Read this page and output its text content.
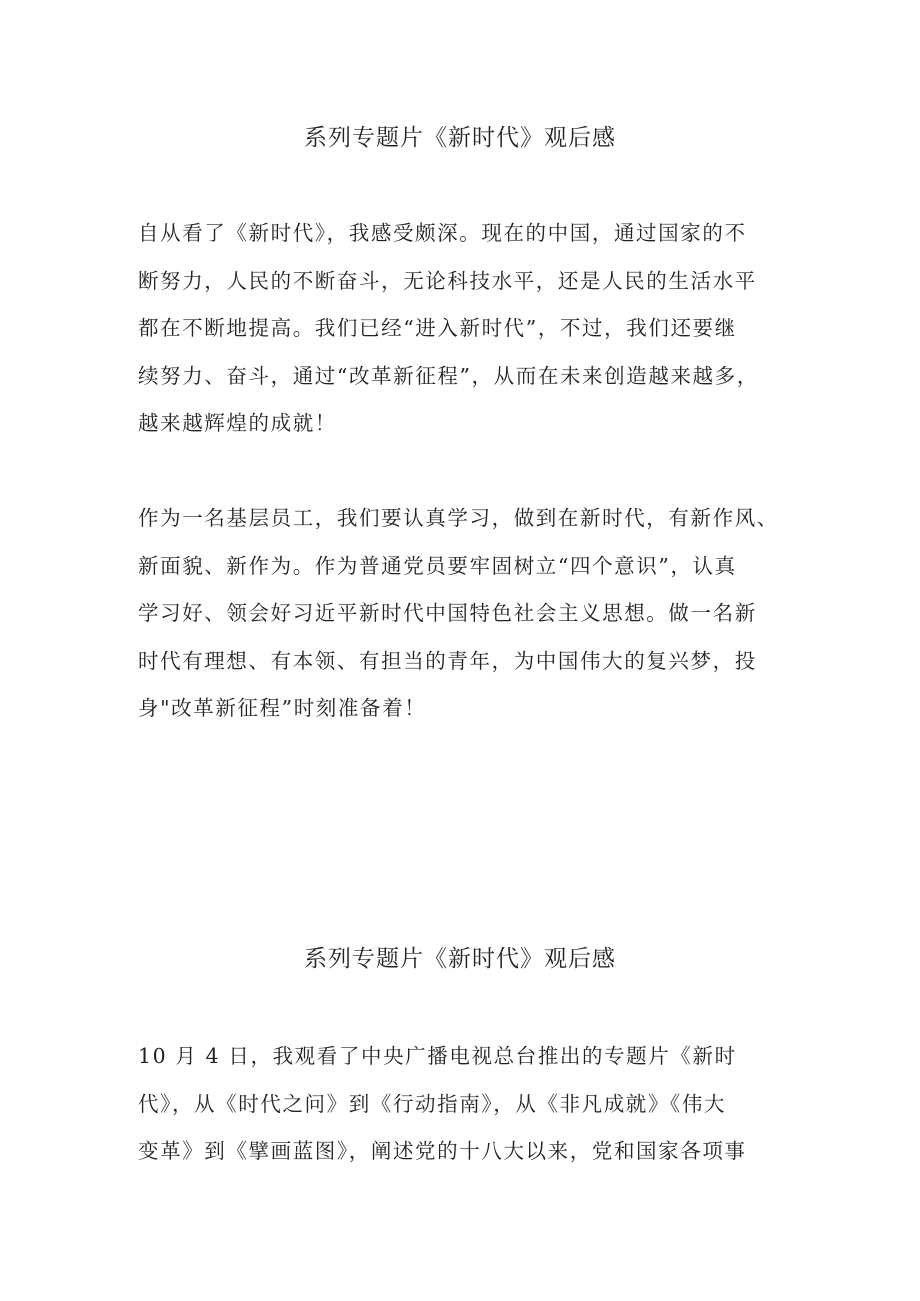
系列专题片《新时代》观后感
自从看了《新时代》，我感受颇深。现在的中国，通过国家的不
断努力，人民的不断奋斗，无论科技水平，还是人民的生活水平
都在不断地提高。我们已经“进入新时代”，不过，我们还要继
续努力、奋斗，通过“改革新征程”，从而在未来创造越来越多，
越来越辉煌的成就！
作为一名基层员工，我们要认真学习，做到在新时代，有新作风、
新面貌、新作为。作为普通党员要牢固树立“四个意识”，认真
学习好、领会好习近平新时代中国特色社会主义思想。做一名新
时代有理想、有本领、有担当的青年，为中国伟大的复兴梦，投
身"改革新征程”时刻准备着！
系列专题片《新时代》观后感
10 月 4 日，我观看了中央广播电视总台推出的专题片《新时
代》，从《时代之问》到《行动指南》，从《非凡成就》《伟大
变革》到《擘画蓝图》，阐述党的十八大以来，党和国家各项事
